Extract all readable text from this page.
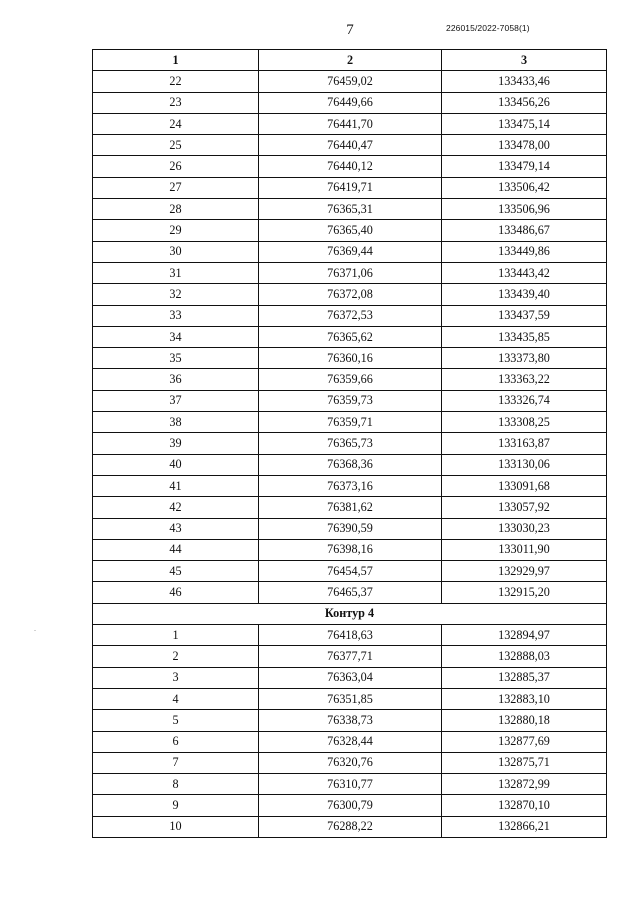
7	226015/2022-7058(1)
-
1	2	3
22	76459,02	133433,46
23	76449,66	133456,26
24	76441,70	133475,14
25	76440,47	133478,00
26	76440,12	133479,14
27	76419,71	133506,42
28	76365,31	133506,96
29	76365,40	133486,67
30	76369,44	133449,86
31	76371,06	133443,42
32	76372,08	133439,40
33	76372,53	133437,59
34	76365,62	133435,85
35	76360,16	133373,80
36	76359,66	133363,22
37	76359,73	133326,74
38	76359,71	133308,25
39	76365,73	133163,87
40	76368,36	133130,06
41	76373,16	133091,68
42	76381,62	133057,92
43	76390,59	133030,23
44	76398,16	133011,90
45	76454,57	132929,97
46	76465,37	132915,20
Контур 4		
1	76418,63	132894,97
2	76377,71	132888,03
3	76363,04	132885,37
4	76351,85	132883,10
5	76338,73	132880,18
6	76328,44	132877,69
7	76320,76	132875,71
8	76310,77	132872,99
9	76300,79	132870,10
10	76288,22	132866,21
